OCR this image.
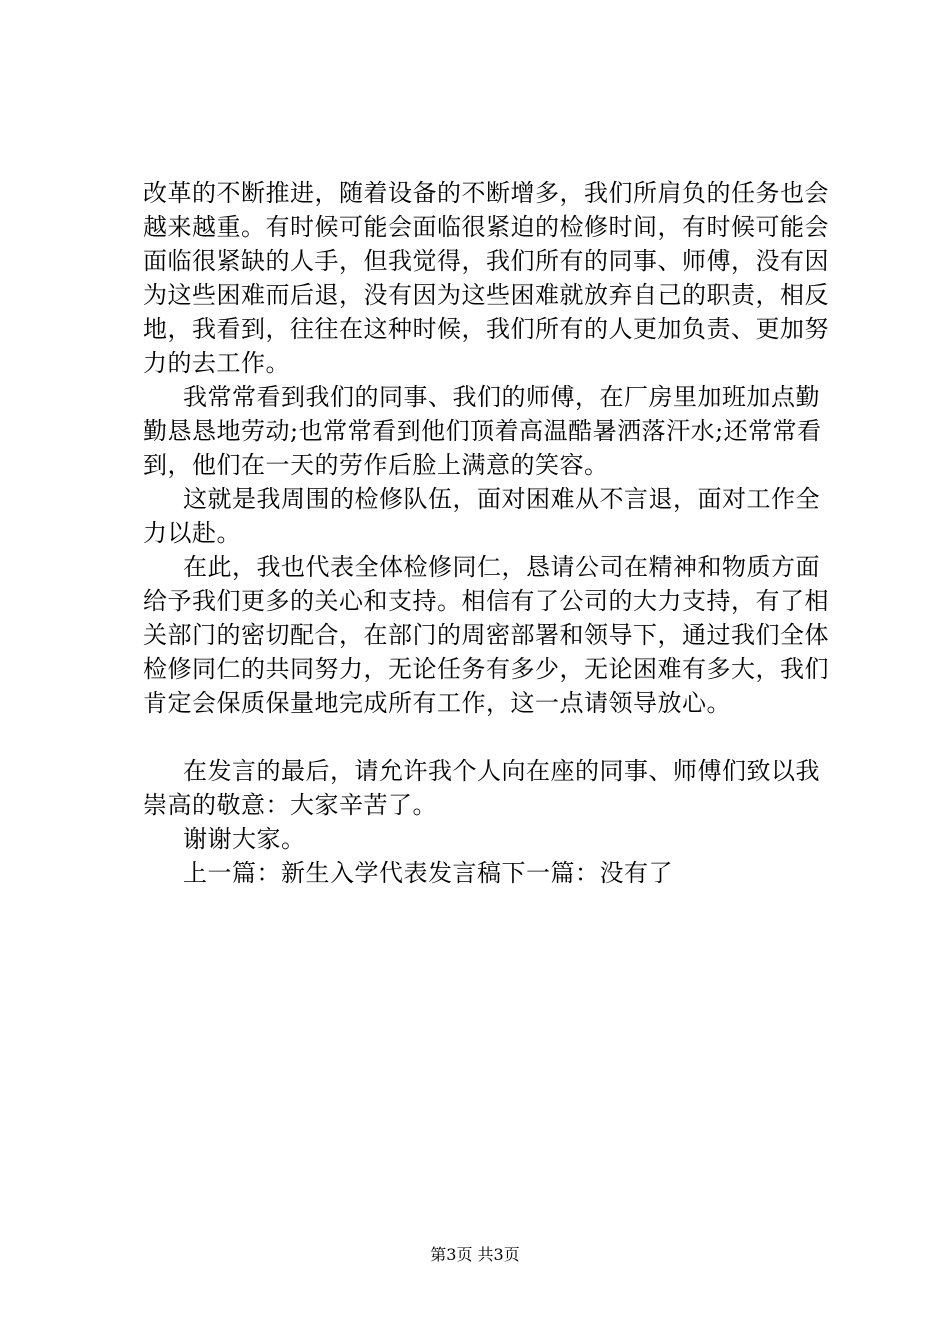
改革的不断推进，随着设备的不断增多，我们所肩负的任务也会越来越重。有时候可能会面临很紧迫的检修时间，有时候可能会面临很紧缺的人手，但我觉得，我们所有的同事、师傅，没有因为这些困难而后退，没有因为这些困难就放弃自己的职责，相反地，我看到，往往在这种时候，我们所有的人更加负责、更加努力的去工作。

我常常看到我们的同事、我们的师傅，在厂房里加班加点勤勤恳恳地劳动;也常常看到他们顶着高温酷暑洒落汗水;还常常看到，他们在一天的劳作后脸上满意的笑容。

这就是我周围的检修队伍，面对困难从不言退，面对工作全力以赴。

在此，我也代表全体检修同仁，恳请公司在精神和物质方面给予我们更多的关心和支持。相信有了公司的大力支持，有了相关部门的密切配合，在部门的周密部署和领导下，通过我们全体检修同仁的共同努力，无论任务有多少，无论困难有多大，我们肯定会保质保量地完成所有工作，这一点请领导放心。

在发言的最后，请允许我个人向在座的同事、师傅们致以我崇高的敬意：大家辛苦了。

谢谢大家。

上一篇：新生入学代表发言稿下一篇：没有了

第3页 共3页
